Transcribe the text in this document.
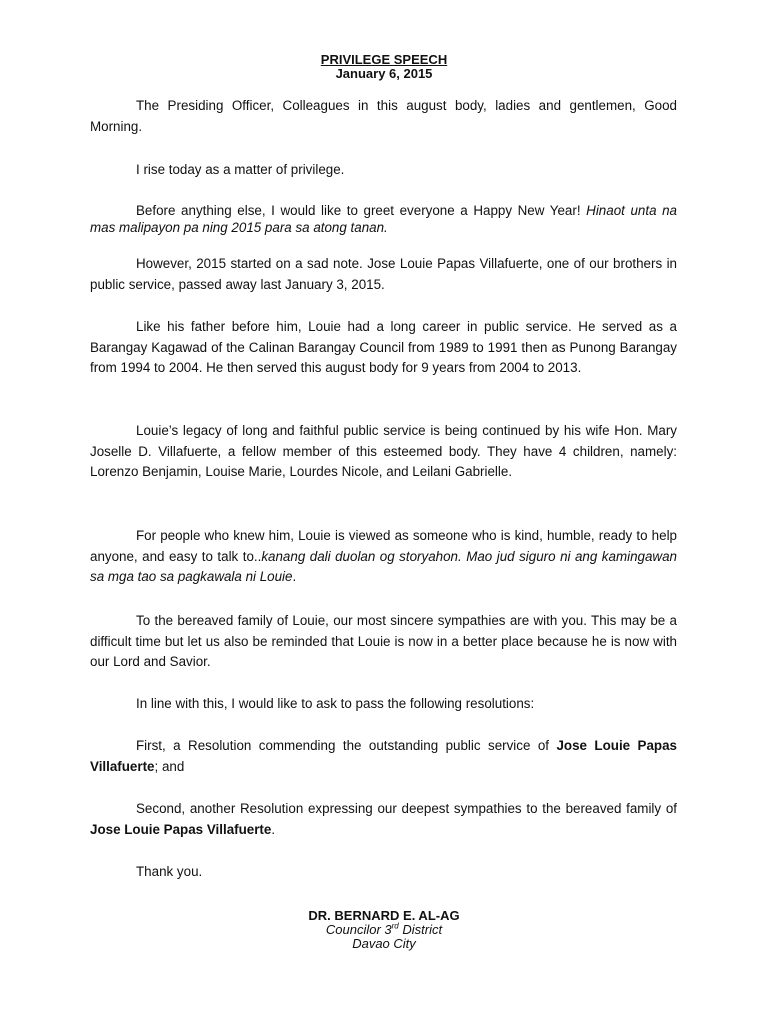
PRIVILEGE SPEECH
January 6, 2015

The Presiding Officer, Colleagues in this august body, ladies and gentlemen, Good Morning.

I rise today as a matter of privilege.

Before anything else, I would like to greet everyone a Happy New Year! Hinaot unta na mas malipayon pa ning 2015 para sa atong tanan.

However, 2015 started on a sad note. Jose Louie Papas Villafuerte, one of our brothers in public service, passed away last January 3, 2015.

Like his father before him, Louie had a long career in public service. He served as a Barangay Kagawad of the Calinan Barangay Council from 1989 to 1991 then as Punong Barangay from 1994 to 2004. He then served this august body for 9 years from 2004 to 2013.

Louie’s legacy of long and faithful public service is being continued by his wife Hon. Mary Joselle D. Villafuerte, a fellow member of this esteemed body. They have 4 children, namely: Lorenzo Benjamin, Louise Marie, Lourdes Nicole, and Leilani Gabrielle.

For people who knew him, Louie is viewed as someone who is kind, humble, ready to help anyone, and easy to talk to..kanang dali duolan og storyahon. Mao jud siguro ni ang kamingawan sa mga tao sa pagkawala ni Louie.

To the bereaved family of Louie, our most sincere sympathies are with you. This may be a difficult time but let us also be reminded that Louie is now in a better place because he is now with our Lord and Savior.

In line with this, I would like to ask to pass the following resolutions:

First, a Resolution commending the outstanding public service of Jose Louie Papas Villafuerte; and

Second, another Resolution expressing our deepest sympathies to the bereaved family of Jose Louie Papas Villafuerte.

Thank you.

DR. BERNARD E. AL-AG
Councilor 3rd District
Davao City
